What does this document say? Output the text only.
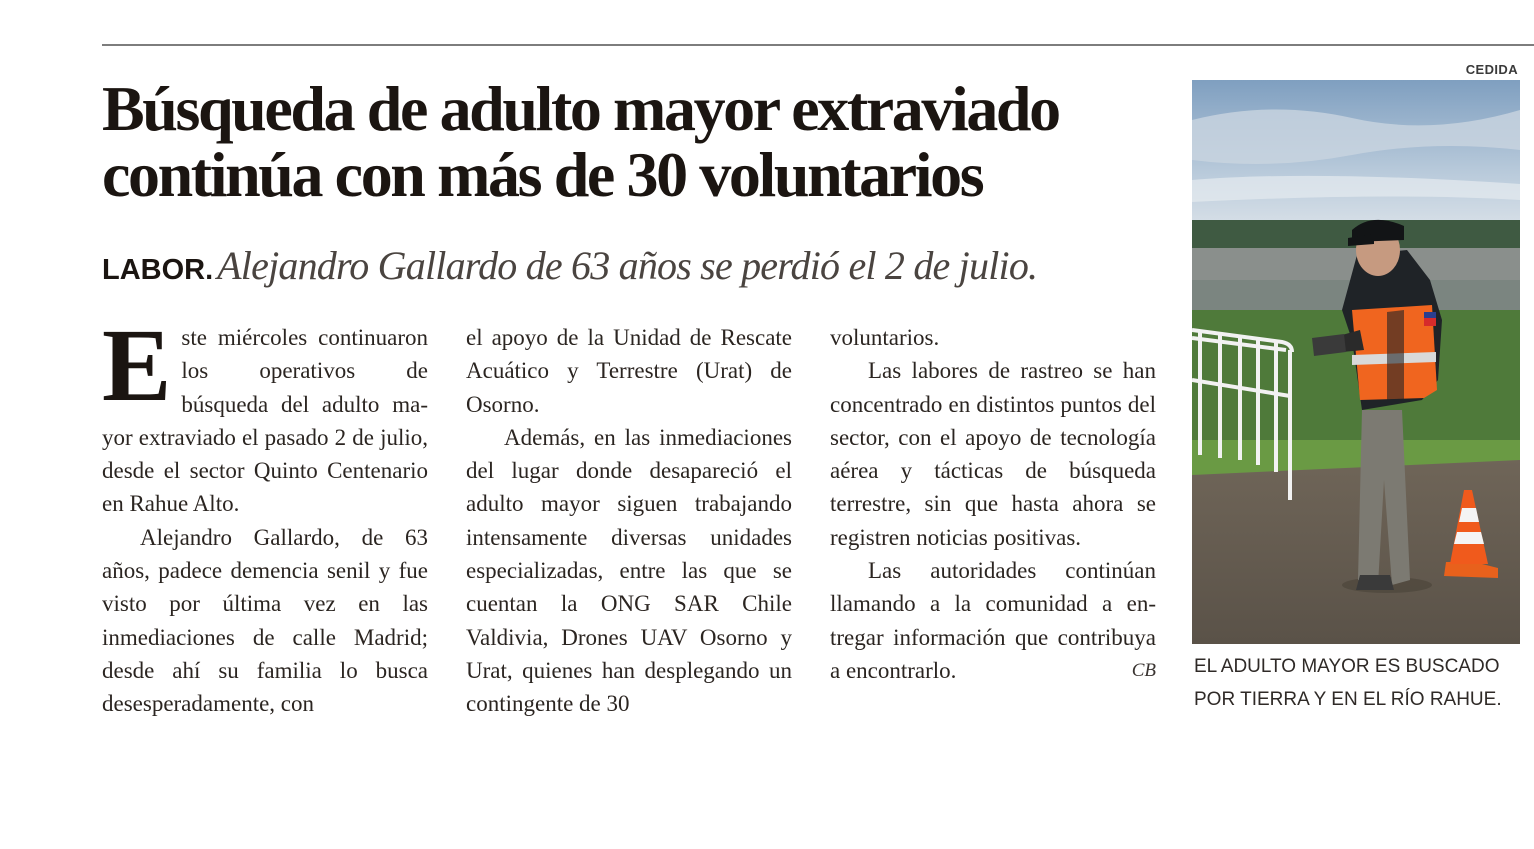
Búsqueda de adulto mayor extraviado
continúa con más de 30 voluntarios
LABOR. Alejandro Gallardo de 63 años se perdió el 2 de julio.
E ste miércoles continuaron los operativos de búsqueda del adulto mayor extraviado el pasado 2 de julio, desde el sector Quinto Centenario en Rahue Alto.

Alejandro Gallardo, de 63 años, padece demencia senil y fue visto por última vez en las inmediaciones de calle Madrid; desde ahí su familia lo busca desesperadamente, con

el apoyo de la Unidad de Rescate Acuático y Terrestre (Urat) de Osorno.

Además, en las inmediaciones del lugar donde desapareció el adulto mayor siguen trabajando intensamente diversas unidades especializadas, entre las que se cuentan la ONG SAR Chile Valdivia, Drones UAV Osorno y Urat, quienes han desplegando un contingente de 30

voluntarios.

Las labores de rastreo se han concentrado en distintos puntos del sector, con el apoyo de tecnología aérea y tácticas de búsqueda terrestre, sin que hasta ahora se registren noticias positivas.

Las autoridades continúan llamando a la comunidad a entregar información que contribuya a encontrarlo.	CB

CEDIDA
EL ADULTO MAYOR ES BUSCADO POR TIERRA Y EN EL RÍO RAHUE.
